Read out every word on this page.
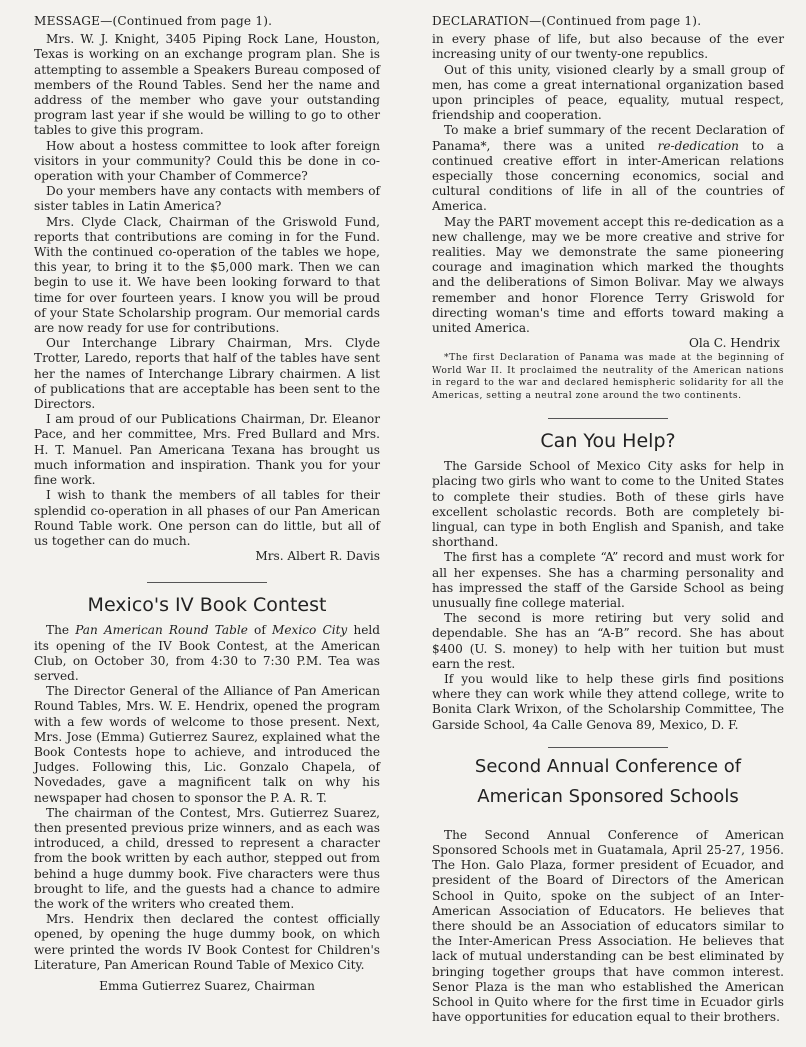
MESSAGE—(Continued from page 1).

Mrs. W. J. Knight, 3405 Piping Rock Lane, Houston, Texas is working on an exchange program plan. She is attempting to assemble a Speakers Bureau composed of members of the Round Tables. Send her the name and address of the member who gave your outstanding program last year if she would be willing to go to other tables to give this program.

How about a hostess committee to look after foreign visitors in your community? Could this be done in co-operation with your Chamber of Commerce?

Do your members have any contacts with members of sister tables in Latin America?

Mrs. Clyde Clack, Chairman of the Griswold Fund, reports that contributions are coming in for the Fund. With the continued co-operation of the tables we hope, this year, to bring it to the $5,000 mark. Then we can begin to use it. We have been looking forward to that time for over fourteen years. I know you will be proud of your State Scholarship program. Our memorial cards are now ready for use for contributions.

Our Interchange Library Chairman, Mrs. Clyde Trotter, Laredo, reports that half of the tables have sent her the names of Interchange Library chairmen. A list of publications that are acceptable has been sent to the Directors.

I am proud of our Publications Chairman, Dr. Eleanor Pace, and her committee, Mrs. Fred Bullard and Mrs. H. T. Manuel. Pan Americana Texana has brought us much information and inspiration. Thank you for your fine work.

I wish to thank the members of all tables for their splendid co-operation in all phases of our Pan American Round Table work. One person can do little, but all of us together can do much.

Mrs. Albert R. Davis
Mexico's IV Book Contest

The Pan American Round Table of Mexico City held its opening of the IV Book Contest, at the American Club, on October 30, from 4:30 to 7:30 P.M. Tea was served.

The Director General of the Alliance of Pan American Round Tables, Mrs. W. E. Hendrix, opened the program with a few words of welcome to those present. Next, Mrs. Jose (Emma) Gutierrez Saurez, explained what the Book Contests hope to achieve, and introduced the Judges. Following this, Lic. Gonzalo Chapela, of Novedades, gave a magnificent talk on why his newspaper had chosen to sponsor the P. A. R. T.

The chairman of the Contest, Mrs. Gutierrez Suarez, then presented previous prize winners, and as each was introduced, a child, dressed to represent a character from the book written by each author, stepped out from behind a huge dummy book. Five characters were thus brought to life, and the guests had a chance to admire the work of the writers who created them.

Mrs. Hendrix then declared the contest officially opened, by opening the huge dummy book, on which were printed the words IV Book Contest for Children's Literature, Pan American Round Table of Mexico City.

Emma Gutierrez Suarez, Chairman
DECLARATION—(Continued from page 1).

in every phase of life, but also because of the ever increasing unity of our twenty-one republics.

Out of this unity, visioned clearly by a small group of men, has come a great international organization based upon principles of peace, equality, mutual respect, friendship and cooperation.

To make a brief summary of the recent Declaration of Panama*, there was a united re-dedication to a continued creative effort in inter-American relations especially those concerning economics, social and cultural conditions of life in all of the countries of America.

May the PART movement accept this re-dedication as a new challenge, may we be more creative and strive for realities. May we demonstrate the same pioneering courage and imagination which marked the thoughts and the deliberations of Simon Bolivar. May we always remember and honor Florence Terry Griswold for directing woman's time and efforts toward making a united America.

Ola C. Hendrix

*The first Declaration of Panama was made at the beginning of World War II. It proclaimed the neutrality of the American nations in regard to the war and declared hemispheric solidarity for all the Americas, setting a neutral zone around the two continents.

Can You Help?

The Garside School of Mexico City asks for help in placing two girls who want to come to the United States to complete their studies. Both of these girls have excellent scholastic records. Both are completely bi-lingual, can type in both English and Spanish, and take shorthand.

The first has a complete “A” record and must work for all her expenses. She has a charming personality and has impressed the staff of the Garside School as being unusually fine college material.

The second is more retiring but very solid and dependable. She has an “A-B” record. She has about $400 (U. S. money) to help with her tuition but must earn the rest.

If you would like to help these girls find positions where they can work while they attend college, write to Bonita Clark Wrixon, of the Scholarship Committee, The Garside School, 4a Calle Genova 89, Mexico, D. F.

Second Annual Conference of
American Sponsored Schools

The Second Annual Conference of American Sponsored Schools met in Guatamala, April 25-27, 1956. The Hon. Galo Plaza, former president of Ecuador, and president of the Board of Directors of the American School in Quito, spoke on the subject of an Inter-American Association of Educators. He believes that there should be an Association of educators similar to the Inter-American Press Association. He believes that lack of mutual understanding can be best eliminated by bringing together groups that have common interest. Senor Plaza is the man who established the American School in Quito where for the first time in Ecuador girls have opportunities for education equal to their brothers.
